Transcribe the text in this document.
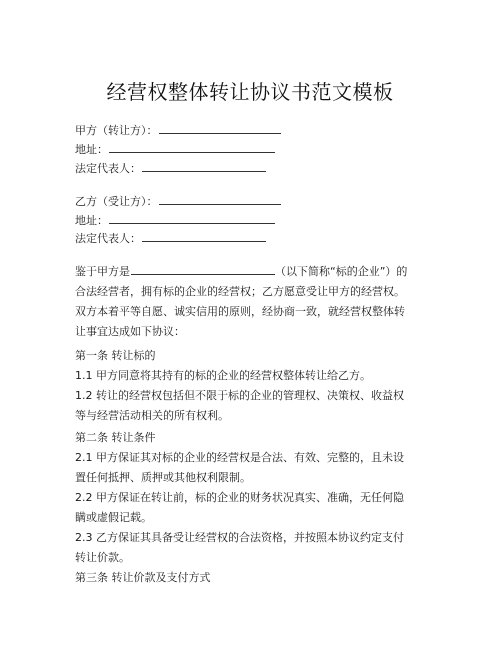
经营权整体转让协议书范文模板
甲方（转让方）：
地址：
法定代表人：
乙方（受让方）：
地址：
法定代表人：
鉴于甲方是	（以下简称“标的企业”）的
合法经营者，拥有标的企业的经营权；乙方愿意受让甲方的经营权。
双方本着平等自愿、诚实信用的原则，经协商一致，就经营权整体转
让事宜达成如下协议：
第一条 转让标的
1.1 甲方同意将其持有的标的企业的经营权整体转让给乙方。
1.2 转让的经营权包括但不限于标的企业的管理权、决策权、收益权
等与经营活动相关的所有权利。
第二条 转让条件
2.1 甲方保证其对标的企业的经营权是合法、有效、完整的，且未设
置任何抵押、质押或其他权利限制。
2.2 甲方保证在转让前，标的企业的财务状况真实、准确，无任何隐
瞒或虚假记载。
2.3 乙方保证其具备受让经营权的合法资格，并按照本协议约定支付
转让价款。
第三条 转让价款及支付方式
